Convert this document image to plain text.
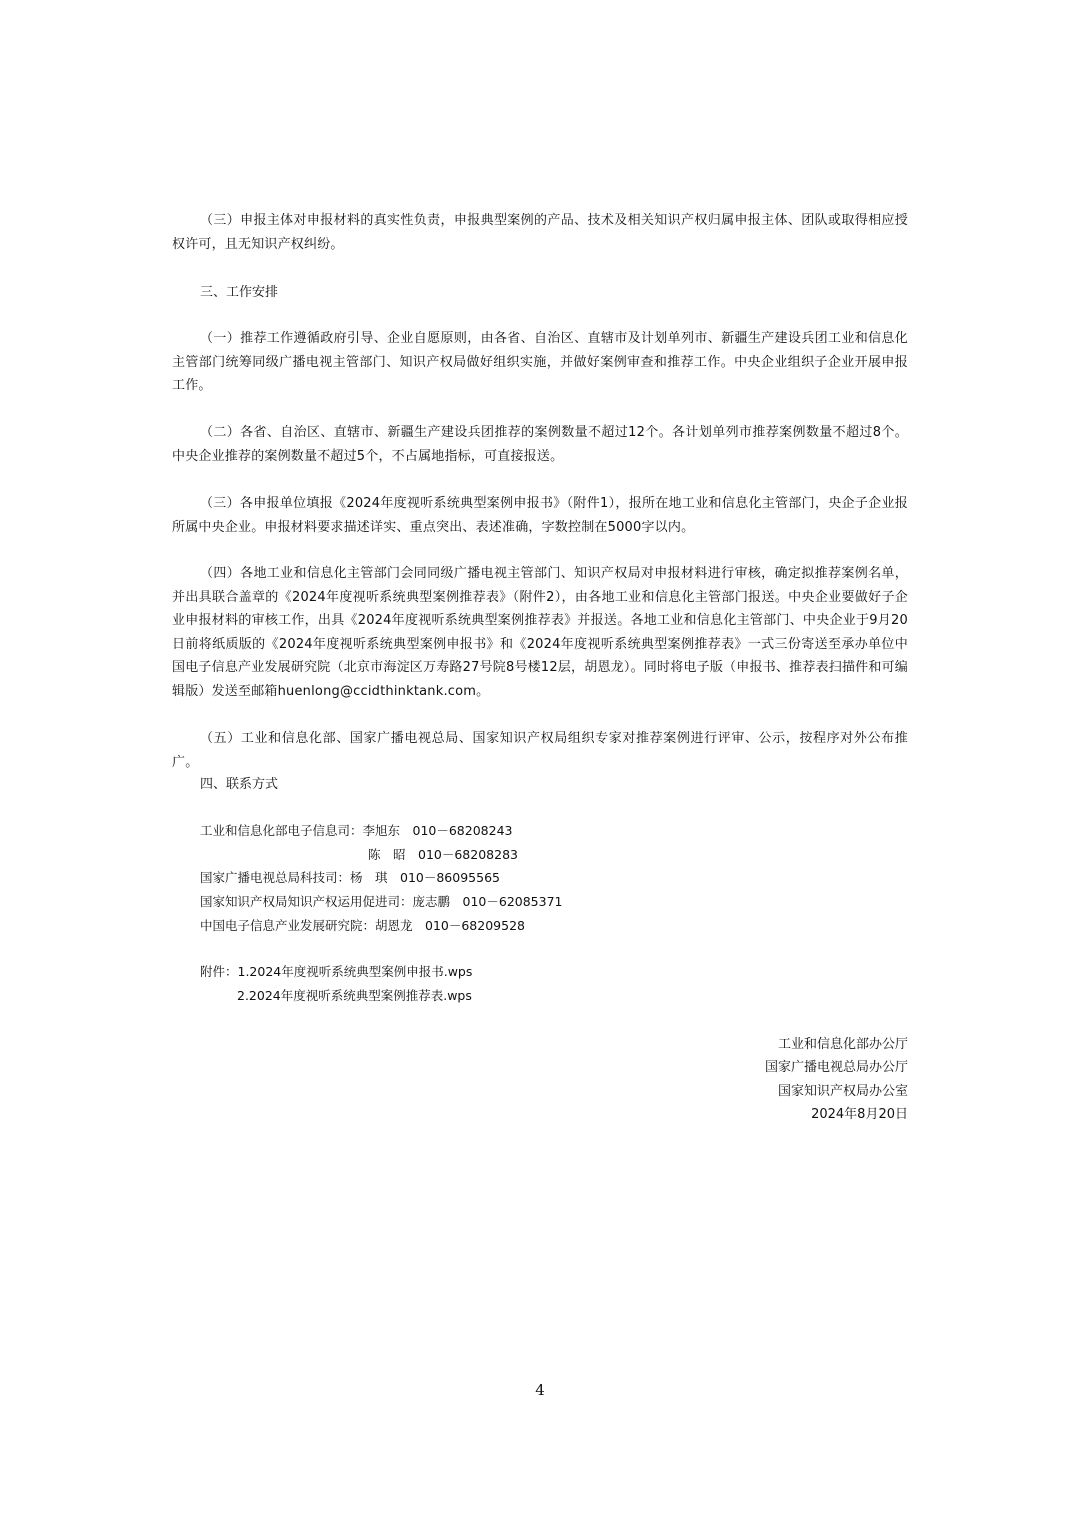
（三）申报主体对申报材料的真实性负责，申报典型案例的产品、技术及相关知识产权归属申报主体、团队或取得相应授权许可，且无知识产权纠纷。

三、工作安排

（一）推荐工作遵循政府引导、企业自愿原则，由各省、自治区、直辖市及计划单列市、新疆生产建设兵团工业和信息化主管部门统筹同级广播电视主管部门、知识产权局做好组织实施，并做好案例审查和推荐工作。中央企业组织子企业开展申报工作。

（二）各省、自治区、直辖市、新疆生产建设兵团推荐的案例数量不超过12个。各计划单列市推荐案例数量不超过8个。中央企业推荐的案例数量不超过5个，不占属地指标，可直接报送。

（三）各申报单位填报《2024年度视听系统典型案例申报书》（附件1），报所在地工业和信息化主管部门，央企子企业报所属中央企业。申报材料要求描述详实、重点突出、表述准确，字数控制在5000字以内。

（四）各地工业和信息化主管部门会同同级广播电视主管部门、知识产权局对申报材料进行审核，确定拟推荐案例名单，并出具联合盖章的《2024年度视听系统典型案例推荐表》（附件2），由各地工业和信息化主管部门报送。中央企业要做好子企业申报材料的审核工作，出具《2024年度视听系统典型案例推荐表》并报送。各地工业和信息化主管部门、中央企业于9月20日前将纸质版的《2024年度视听系统典型案例申报书》和《2024年度视听系统典型案例推荐表》一式三份寄送至承办单位中国电子信息产业发展研究院（北京市海淀区万寿路27号院8号楼12层，胡恩龙）。同时将电子版（申报书、推荐表扫描件和可编辑版）发送至邮箱huenlong@ccidthinktank.com。

（五）工业和信息化部、国家广播电视总局、国家知识产权局组织专家对推荐案例进行评审、公示，按程序对外公布推广。

四、联系方式

工业和信息化部电子信息司：李旭东　010－68208243

陈　昭　010－68208283

国家广播电视总局科技司：杨　琪　010－86095565

国家知识产权局知识产权运用促进司：庞志鹏　010－62085371

中国电子信息产业发展研究院：胡恩龙　010－68209528

附件：1.2024年度视听系统典型案例申报书.wps

2.2024年度视听系统典型案例推荐表.wps

工业和信息化部办公厅

国家广播电视总局办公厅

国家知识产权局办公室

2024年8月20日

4
